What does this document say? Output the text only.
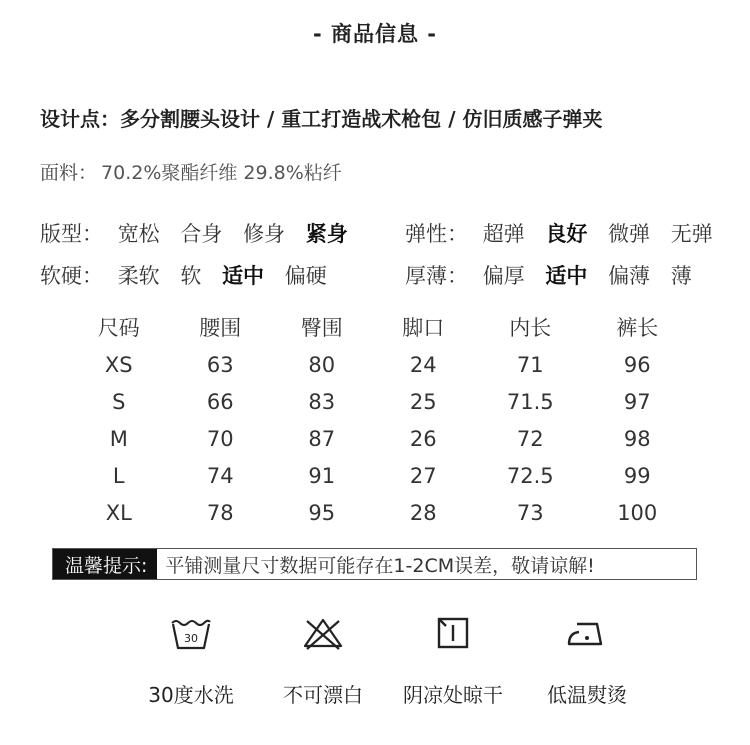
- 商品信息 -
设计点：多分割腰头设计 / 重工打造战术枪包 / 仿旧质感子弹夹
面料： 70.2%聚酯纤维 29.8%粘纤
版型： 宽松 合身 修身 紧身	弹性： 超弹 良好 微弹 无弹
软硬： 柔软 软 适中 偏硬	厚薄： 偏厚 适中 偏薄 薄
尺码	腰围	臀围	脚口	内长	裤长
XS	63	80	24	71	96
S	66	83	25	71.5	97
M	70	87	26	72	98
L	74	91	27	72.5	99
XL	78	95	28	73	100
温馨提示: 平铺测量尺寸数据可能存在1-2CM误差，敬请谅解!
30
30度水洗	不可漂白	阴凉处晾干	低温熨烫
